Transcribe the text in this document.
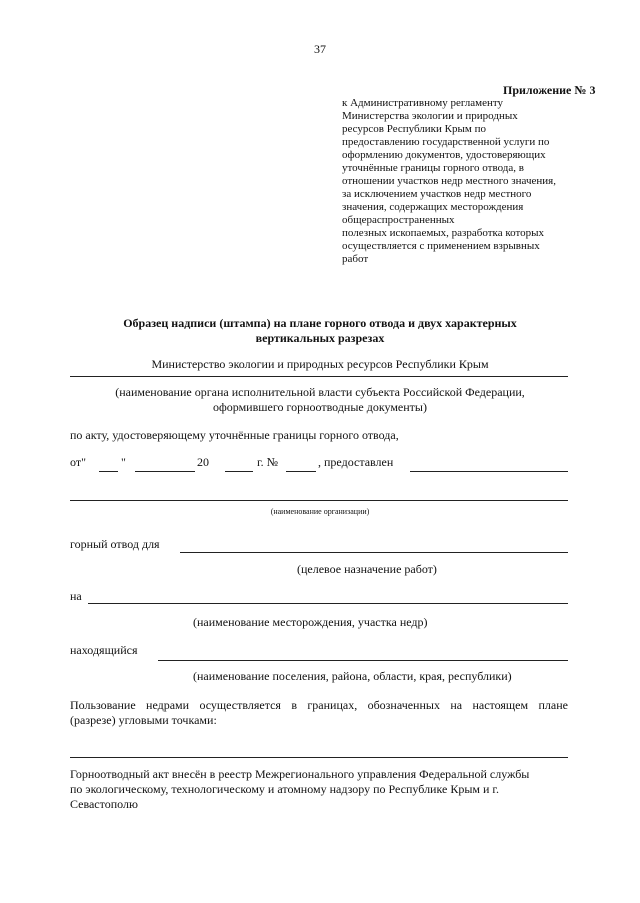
37
Приложение № 3
к Административному регламенту
Министерства экологии и природных
ресурсов Республики Крым по
предоставлению государственной услуги по
оформлению документов, удостоверяющих
уточнённые границы горного отвода, в
отношении участков недр местного значения,
за исключением участков недр местного
значения, содержащих месторождения
общераспространенных
полезных ископаемых, разработка которых
осуществляется с применением взрывных
работ
Образец надписи (штампа) на плане горного отвода и двух характерных
вертикальных разрезах
Министерство экологии и природных ресурсов Республики Крым
(наименование органа исполнительной власти субъекта Российской Федерации,
оформившего горноотводные документы)
по акту, удостоверяющему уточнённые границы горного отвода,
от"	"	20	г. №	, предоставлен
(наименование организации)
горный отвод для
(целевое назначение работ)
на
(наименование месторождения, участка недр)
находящийся
(наименование поселения, района, области, края, республики)
Пользование недрами осуществляется в границах, обозначенных на настоящем плане
(разрезе) угловыми точками:
Горноотводный акт внесён в реестр Межрегионального управления Федеральной службы
по экологическому, технологическому и атомному надзору по Республике Крым и г.
Севастополю
